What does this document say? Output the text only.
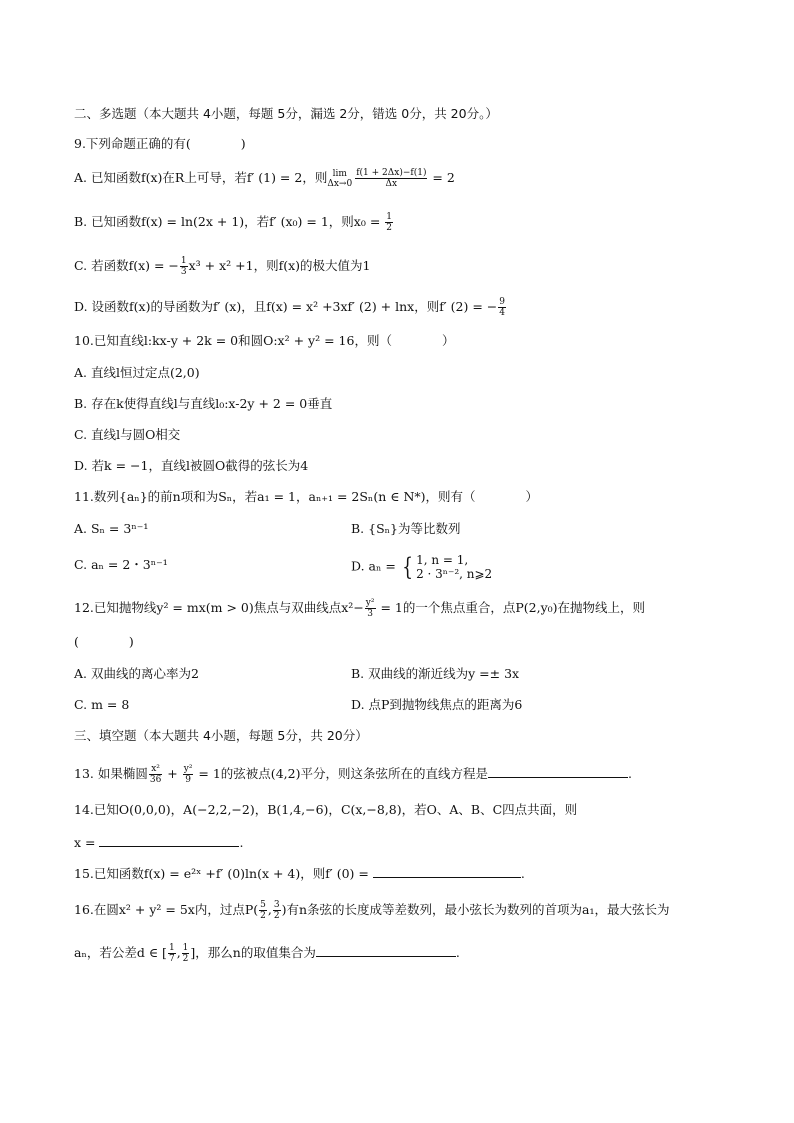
二、多选题（本大题共 4小题，每题 5分，漏选 2分，错选 0分，共 20分。）
9.下列命题正确的有(　　　　)
A. 已知函数f(x)在R上可导，若f′ (1) = 2，则 lim
$\Delta x\to 0 \frac{f(1 + 2\Delta x)-f(1)}{\Delta x} = 2$
B. 已知函数f(x) = ln(2x + 1)，若f′ (x₀) = 1，则$x_0 = \frac{1}{2}$
C. 若函数f(x) = − $\frac{1}{3} x^3 + x^2 +1$，则f(x)的极大值为1
D. 设函数f(x)的导函数为f′ (x)，且f(x) = x² +3xf′ (2) + lnx，则f′ (2) = − $\frac{9}{4}$
10.已知直线l:kx-y + 2k = 0和圆O:x² + y² = 16，则（　　　　）
A. 直线l恒过定点(2,0)
B. 存在k使得直线l与直线l₀:x-2y + 2 = 0垂直
C. 直线l与圆O相交
D. 若k = −1，直线l被圆O截得的弦长为4
11.数列{aₙ}的前n项和为Sₙ，若a₁ = 1，aₙ₊₁ = 2Sₙ(n ∈ N*)，则有（　　　　）
A. Sₙ = 3ⁿ⁻¹	B. {Sₙ}为等比数列
C. aₙ = 2・3ⁿ⁻¹	D. aₙ = { 1, n = 1,
2 · 3ⁿ⁻², n⩾2
12.已知抛物线y² = mx(m > 0)焦点与双曲线点$x^2- \frac{\text{y²}}{3} = 1$的一个焦点重合，点P(2,y₀)在抛物线上，则
(　　　　)
A. 双曲线的离心率为2	B. 双曲线的渐近线为y =± 3x
C. m = 8	D. 点P到抛物线焦点的距离为6
三、填空题（本大题共 4小题，每题 5分，共 20分）
13. 如果椭圆 $\frac{\text{x²}}{36} + \frac{\text{y²}}{9} = 1$的弦被点(4,2)平分，则这条弦所在的直线方程是	.
14.已知O(0,0,0)，A(−2,2,−2)，B(1,4,−6)，C(x,−8,8)，若O、A、B、C四点共面，则
x =	.
15.已知函数f(x) = e²ˣ +f′ (0)ln(x + 4)，则f′ (0) =	.
16.在圆x² + y² = 5x内，过点$P( \frac{5}{2}$ , $\frac{3}{2}$ )有n条弦的长度成等差数列，最小弦长为数列的首项为a₁，最大弦长为
aₙ，若公差d ∈ [ $\frac{1}{7}$ , $\frac{1}{2}$ ]，那么n的取值集合为	.
